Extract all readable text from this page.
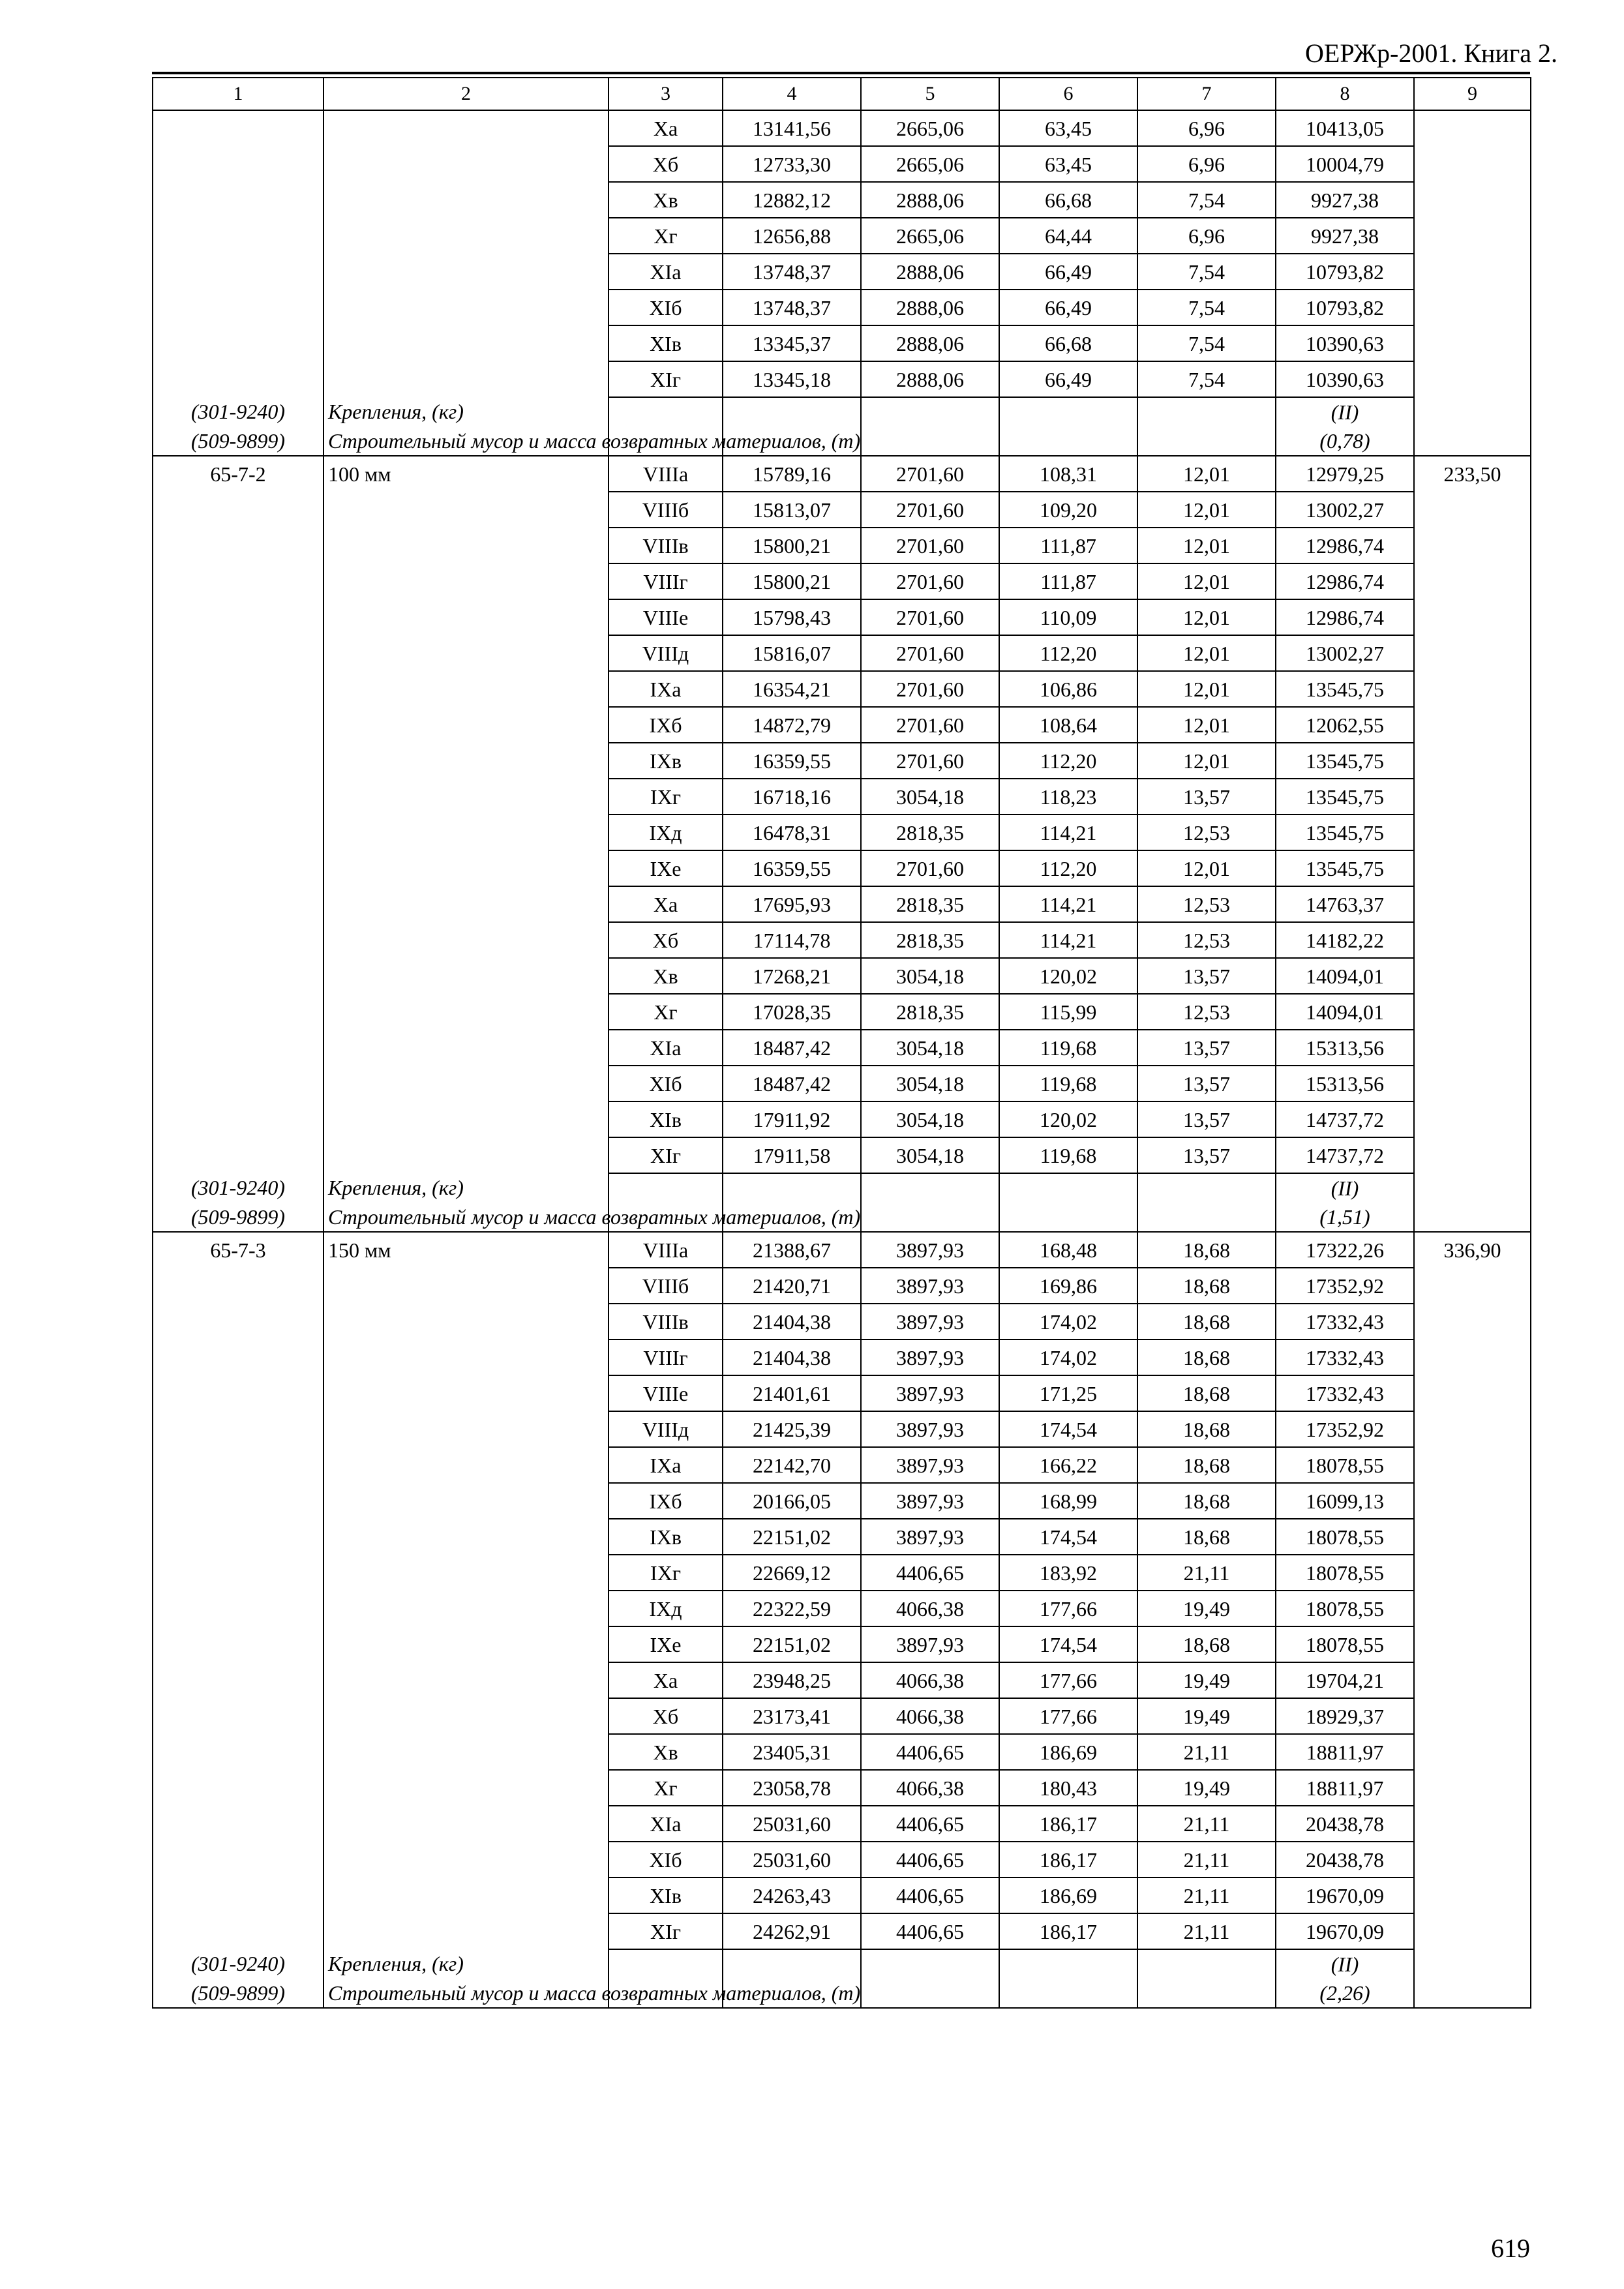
ОЕРЖр-2001. Книга 2.
1	2	3	4	5	6	7	8	9
		Xа	13141,56	2665,06	63,45	6,96	10413,05	
		Xб	12733,30	2665,06	63,45	6,96	10004,79	
		Xв	12882,12	2888,06	66,68	7,54	9927,38	
		Xг	12656,88	2665,06	64,44	6,96	9927,38	
		XIа	13748,37	2888,06	66,49	7,54	10793,82	
		XIб	13748,37	2888,06	66,49	7,54	10793,82	
		XIв	13345,37	2888,06	66,68	7,54	10390,63	
		XIг	13345,18	2888,06	66,49	7,54	10390,63	
(301-9240)	Крепления, (кг)						(II)	
(509-9899)	Строительный мусор и масса возвратных материалов, (т)						(0,78)	
65-7-2	100 мм	VIIIа	15789,16	2701,60	108,31	12,01	12979,25	233,50
		VIIIб	15813,07	2701,60	109,20	12,01	13002,27	
		VIIIв	15800,21	2701,60	111,87	12,01	12986,74	
		VIIIг	15800,21	2701,60	111,87	12,01	12986,74	
		VIIIе	15798,43	2701,60	110,09	12,01	12986,74	
		VIIIд	15816,07	2701,60	112,20	12,01	13002,27	
		IXа	16354,21	2701,60	106,86	12,01	13545,75	
		IXб	14872,79	2701,60	108,64	12,01	12062,55	
		IXв	16359,55	2701,60	112,20	12,01	13545,75	
		IXг	16718,16	3054,18	118,23	13,57	13545,75	
		IXд	16478,31	2818,35	114,21	12,53	13545,75	
		IXе	16359,55	2701,60	112,20	12,01	13545,75	
		Xа	17695,93	2818,35	114,21	12,53	14763,37	
		Xб	17114,78	2818,35	114,21	12,53	14182,22	
		Xв	17268,21	3054,18	120,02	13,57	14094,01	
		Xг	17028,35	2818,35	115,99	12,53	14094,01	
		XIа	18487,42	3054,18	119,68	13,57	15313,56	
		XIб	18487,42	3054,18	119,68	13,57	15313,56	
		XIв	17911,92	3054,18	120,02	13,57	14737,72	
		XIг	17911,58	3054,18	119,68	13,57	14737,72	
(301-9240)	Крепления, (кг)						(II)	
(509-9899)	Строительный мусор и масса возвратных материалов, (т)						(1,51)	
65-7-3	150 мм	VIIIа	21388,67	3897,93	168,48	18,68	17322,26	336,90
		VIIIб	21420,71	3897,93	169,86	18,68	17352,92	
		VIIIв	21404,38	3897,93	174,02	18,68	17332,43	
		VIIIг	21404,38	3897,93	174,02	18,68	17332,43	
		VIIIе	21401,61	3897,93	171,25	18,68	17332,43	
		VIIIд	21425,39	3897,93	174,54	18,68	17352,92	
		IXа	22142,70	3897,93	166,22	18,68	18078,55	
		IXб	20166,05	3897,93	168,99	18,68	16099,13	
		IXв	22151,02	3897,93	174,54	18,68	18078,55	
		IXг	22669,12	4406,65	183,92	21,11	18078,55	
		IXд	22322,59	4066,38	177,66	19,49	18078,55	
		IXе	22151,02	3897,93	174,54	18,68	18078,55	
		Xа	23948,25	4066,38	177,66	19,49	19704,21	
		Xб	23173,41	4066,38	177,66	19,49	18929,37	
		Xв	23405,31	4406,65	186,69	21,11	18811,97	
		Xг	23058,78	4066,38	180,43	19,49	18811,97	
		XIа	25031,60	4406,65	186,17	21,11	20438,78	
		XIб	25031,60	4406,65	186,17	21,11	20438,78	
		XIв	24263,43	4406,65	186,69	21,11	19670,09	
		XIг	24262,91	4406,65	186,17	21,11	19670,09	
(301-9240)	Крепления, (кг)						(II)	
(509-9899)	Строительный мусор и масса возвратных материалов, (т)						(2,26)	
619
